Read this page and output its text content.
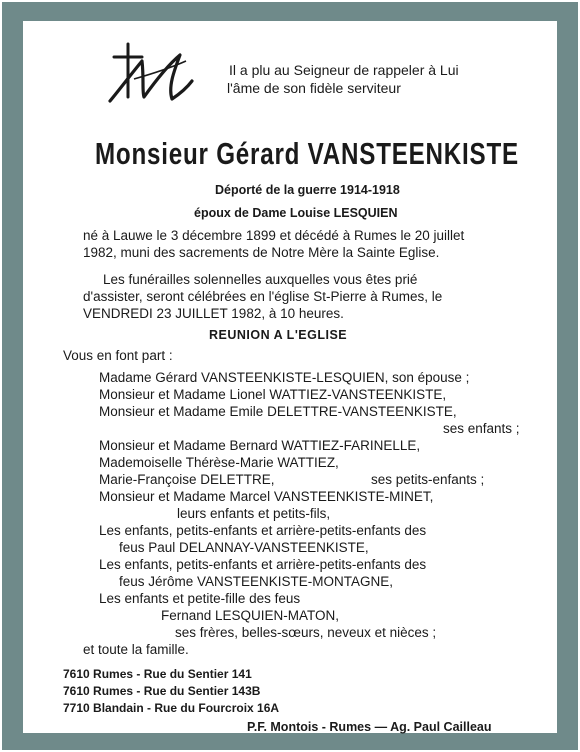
Il a plu au Seigneur de rappeler à Lui
l'âme de son fidèle serviteur
Monsieur Gérard VANSTEENKISTE
Déporté de la guerre 1914-1918
époux de Dame Louise LESQUIEN
né à Lauwe le 3 décembre 1899 et décédé à Rumes le 20 juillet
1982, muni des sacrements de Notre Mère la Sainte Eglise.
Les funérailles solennelles auxquelles vous êtes prié
d'assister, seront célébrées en l'église St-Pierre à Rumes, le
VENDREDI 23 JUILLET 1982, à 10 heures.
REUNION A L'EGLISE
Vous en font part :
Madame Gérard VANSTEENKISTE-LESQUIEN, son épouse ;
Monsieur et Madame Lionel WATTIEZ-VANSTEENKISTE,
Monsieur et Madame Emile DELETTRE-VANSTEENKISTE,
ses enfants ;
Monsieur et Madame Bernard WATTIEZ-FARINELLE,
Mademoiselle Thérèse-Marie WATTIEZ,
Marie-Françoise DELETTRE,	ses petits-enfants ;
Monsieur et Madame Marcel VANSTEENKISTE-MINET,
leurs enfants et petits-fils,
Les enfants, petits-enfants et arrière-petits-enfants des
feus Paul DELANNAY-VANSTEENKISTE,
Les enfants, petits-enfants et arrière-petits-enfants des
feus Jérôme VANSTEENKISTE-MONTAGNE,
Les enfants et petite-fille des feus
Fernand LESQUIEN-MATON,
ses frères, belles-sœurs, neveux et nièces ;
et toute la famille.
7610 Rumes - Rue du Sentier 141
7610 Rumes - Rue du Sentier 143B
7710 Blandain - Rue du Fourcroix 16A
P.F. Montois - Rumes — Ag. Paul Cailleau
